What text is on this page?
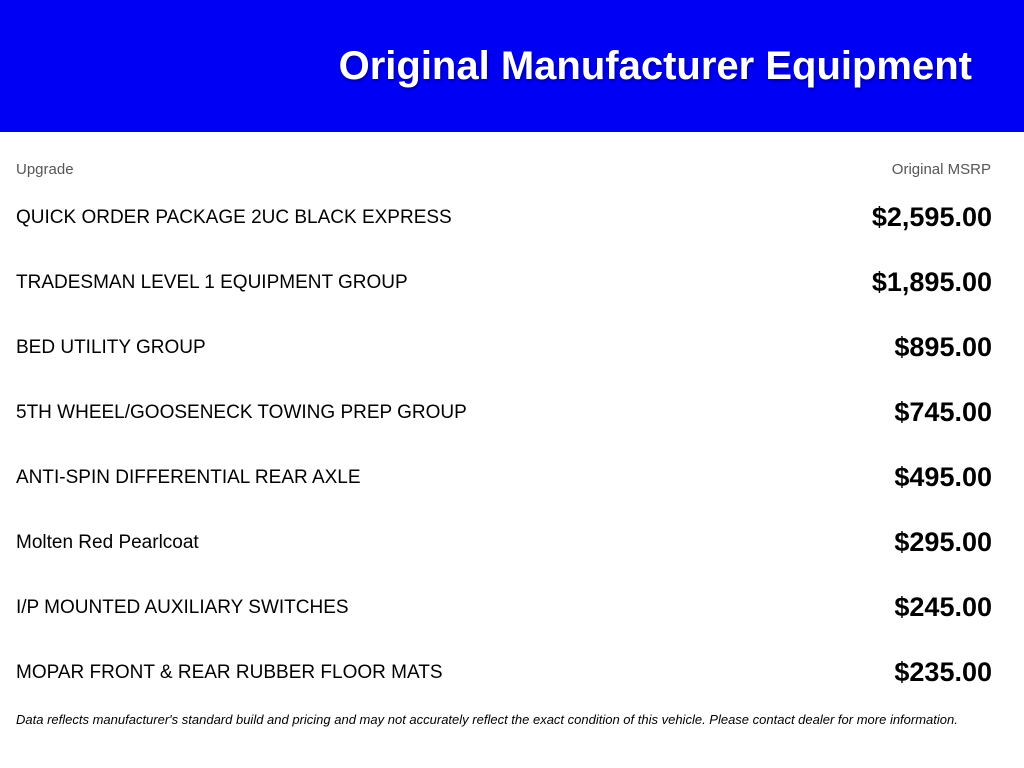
Original Manufacturer Equipment
Upgrade	Original MSRP
QUICK ORDER PACKAGE 2UC BLACK EXPRESS	$2,595.00
TRADESMAN LEVEL 1 EQUIPMENT GROUP	$1,895.00
BED UTILITY GROUP	$895.00
5TH WHEEL/GOOSENECK TOWING PREP GROUP	$745.00
ANTI-SPIN DIFFERENTIAL REAR AXLE	$495.00
Molten Red Pearlcoat	$295.00
I/P MOUNTED AUXILIARY SWITCHES	$245.00
MOPAR FRONT & REAR RUBBER FLOOR MATS	$235.00

Data reflects manufacturer's standard build and pricing and may not accurately reflect the exact condition of this vehicle. Please contact dealer for more information.
